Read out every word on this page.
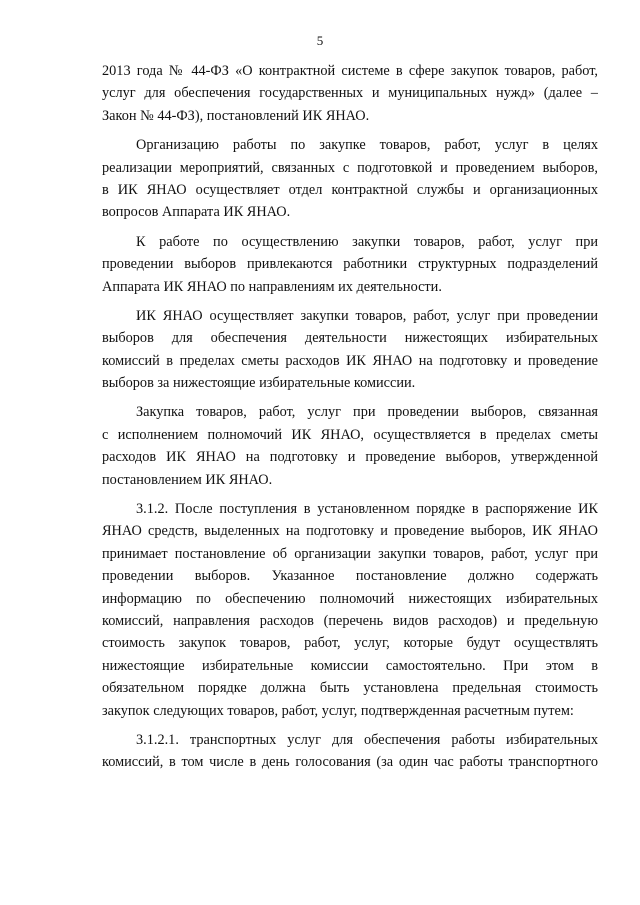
5
2013 года № 44-ФЗ «О контрактной системе в сфере закупок товаров, работ,
услуг для обеспечения государственных и муниципальных нужд» (далее –
Закон № 44-ФЗ), постановлений ИК ЯНАО.
Организацию работы по закупке товаров, работ, услуг в целях
реализации мероприятий, связанных с подготовкой и проведением выборов,
в ИК ЯНАО осуществляет отдел контрактной службы и организационных
вопросов Аппарата ИК ЯНАО.
К работе по осуществлению закупки товаров, работ, услуг при
проведении выборов привлекаются работники структурных подразделений
Аппарата ИК ЯНАО по направлениям их деятельности.
ИК ЯНАО осуществляет закупки товаров, работ, услуг при проведении
выборов для обеспечения деятельности нижестоящих избирательных
комиссий в пределах сметы расходов ИК ЯНАО на подготовку и проведение
выборов за нижестоящие избирательные комиссии.
Закупка товаров, работ, услуг при проведении выборов, связанная
с исполнением полномочий ИК ЯНАО, осуществляется в пределах сметы
расходов ИК ЯНАО на подготовку и проведение выборов, утвержденной
постановлением ИК ЯНАО.
3.1.2. После поступления в установленном порядке в распоряжение ИК
ЯНАО средств, выделенных на подготовку и проведение выборов, ИК ЯНАО
принимает постановление об организации закупки товаров, работ, услуг при
проведении выборов. Указанное постановление должно содержать
информацию по обеспечению полномочий нижестоящих избирательных
комиссий, направления расходов (перечень видов расходов) и предельную
стоимость закупок товаров, работ, услуг, которые будут осуществлять
нижестоящие избирательные комиссии самостоятельно. При этом в
обязательном порядке должна быть установлена предельная стоимость
закупок следующих товаров, работ, услуг, подтвержденная расчетным путем:
3.1.2.1. транспортных услуг для обеспечения работы избирательных
комиссий, в том числе в день голосования (за один час работы транспортного
